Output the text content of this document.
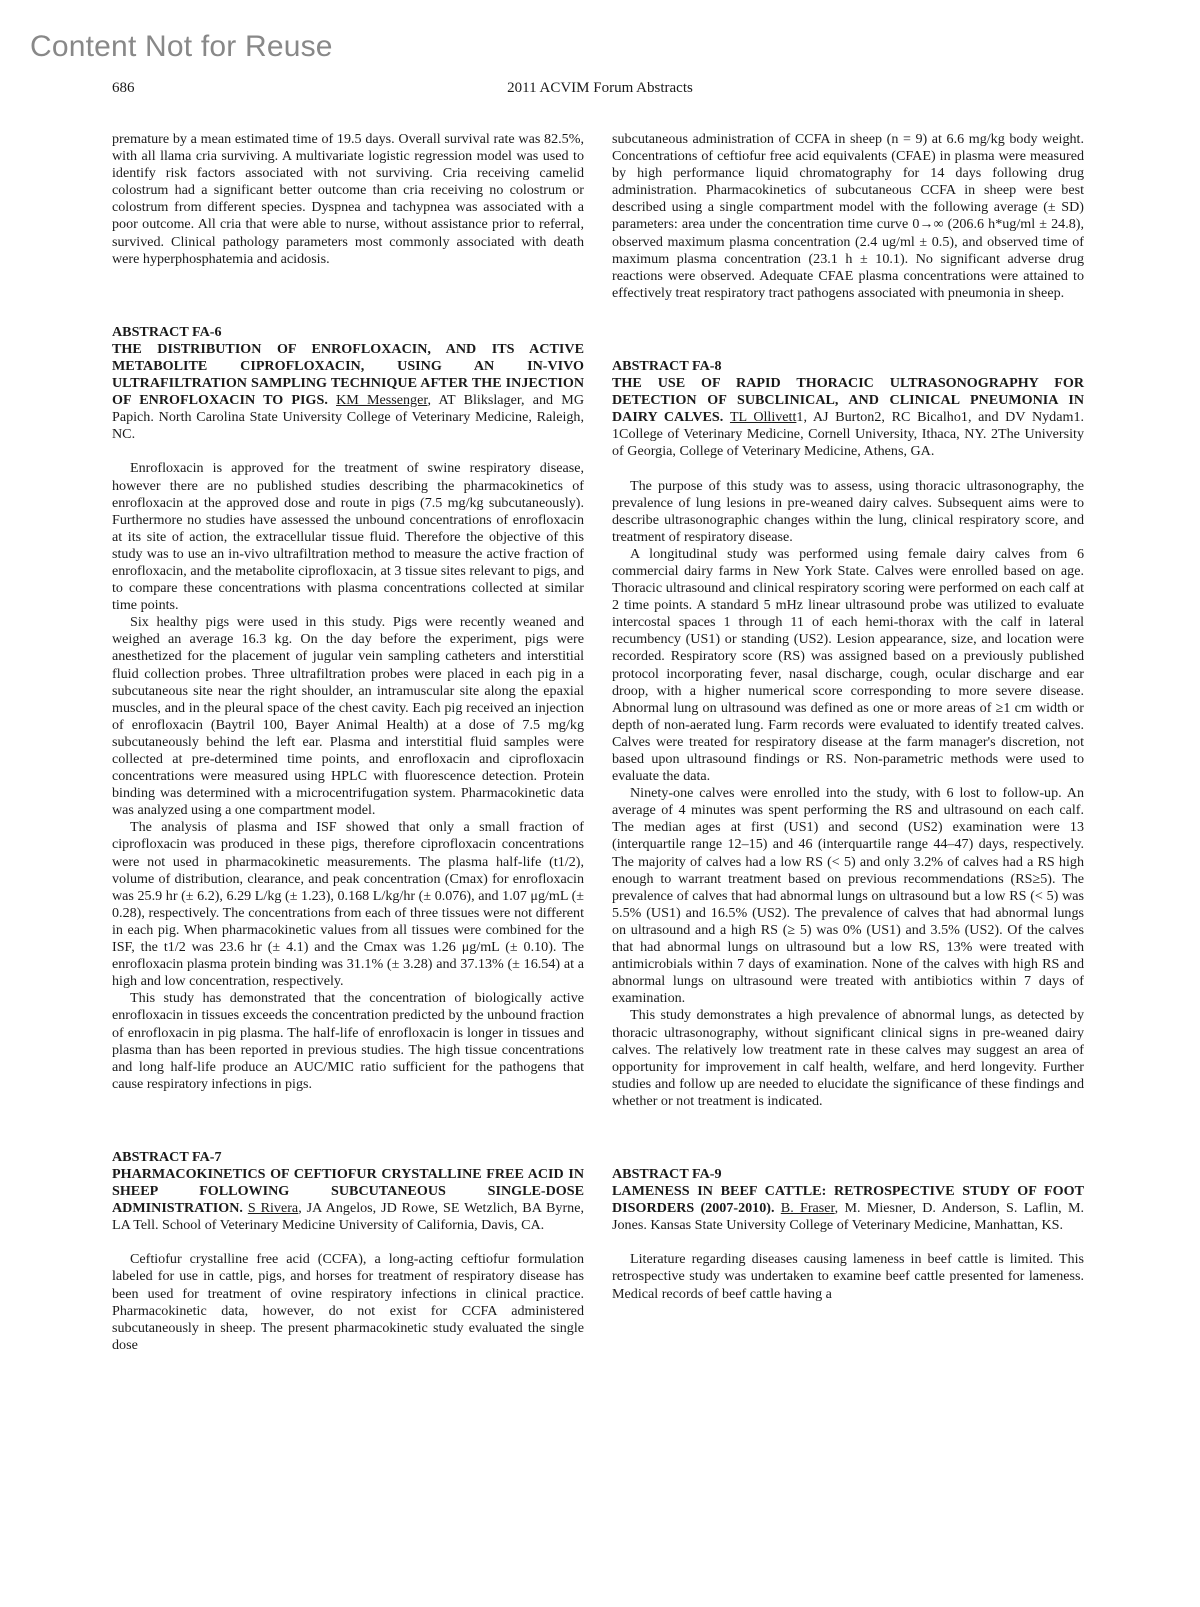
Content Not for Reuse
686	2011 ACVIM Forum Abstracts

premature by a mean estimated time of 19.5 days. Overall survival rate was 82.5%, with all llama cria surviving. A multivariate logistic regression model was used to identify risk factors associated with not surviving. Cria receiving camelid colostrum had a significant better outcome than cria receiving no colostrum or colostrum from different species. Dyspnea and tachypnea was associated with a poor outcome. All cria that were able to nurse, without assistance prior to referral, survived. Clinical pathology parameters most commonly associated with death were hyperphosphatemia and acidosis.

ABSTRACT FA-6
THE DISTRIBUTION OF ENROFLOXACIN, AND ITS ACTIVE METABOLITE CIPROFLOXACIN, USING AN IN-VIVO ULTRAFILTRATION SAMPLING TECHNIQUE AFTER THE INJECTION OF ENROFLOXACIN TO PIGS. KM Messenger, AT Blikslager, and MG Papich. North Carolina State University College of Veterinary Medicine, Raleigh, NC.

Enrofloxacin is approved for the treatment of swine respiratory disease, however there are no published studies describing the pharmacokinetics of enrofloxacin at the approved dose and route in pigs (7.5 mg/kg subcutaneously). Furthermore no studies have assessed the unbound concentrations of enrofloxacin at its site of action, the extracellular tissue fluid. Therefore the objective of this study was to use an in-vivo ultrafiltration method to measure the active fraction of enrofloxacin, and the metabolite ciprofloxacin, at 3 tissue sites relevant to pigs, and to compare these concentrations with plasma concentrations collected at similar time points.

Six healthy pigs were used in this study. Pigs were recently weaned and weighed an average 16.3 kg. On the day before the experiment, pigs were anesthetized for the placement of jugular vein sampling catheters and interstitial fluid collection probes. Three ultrafiltration probes were placed in each pig in a subcutaneous site near the right shoulder, an intramuscular site along the epaxial muscles, and in the pleural space of the chest cavity. Each pig received an injection of enrofloxacin (Baytril 100, Bayer Animal Health) at a dose of 7.5 mg/kg subcutaneously behind the left ear. Plasma and interstitial fluid samples were collected at pre-determined time points, and enrofloxacin and ciprofloxacin concentrations were measured using HPLC with fluorescence detection. Protein binding was determined with a microcentrifugation system. Pharmacokinetic data was analyzed using a one compartment model.

The analysis of plasma and ISF showed that only a small fraction of ciprofloxacin was produced in these pigs, therefore ciprofloxacin concentrations were not used in pharmacokinetic measurements. The plasma half-life (t1/2), volume of distribution, clearance, and peak concentration (Cmax) for enrofloxacin was 25.9 hr (± 6.2), 6.29 L/kg (± 1.23), 0.168 L/kg/hr (± 0.076), and 1.07 μg/mL (± 0.28), respectively. The concentrations from each of three tissues were not different in each pig. When pharmacokinetic values from all tissues were combined for the ISF, the t1/2 was 23.6 hr (± 4.1) and the Cmax was 1.26 μg/mL (± 0.10). The enrofloxacin plasma protein binding was 31.1% (± 3.28) and 37.13% (± 16.54) at a high and low concentration, respectively.

This study has demonstrated that the concentration of biologically active enrofloxacin in tissues exceeds the concentration predicted by the unbound fraction of enrofloxacin in pig plasma. The half-life of enrofloxacin is longer in tissues and plasma than has been reported in previous studies. The high tissue concentrations and long half-life produce an AUC/MIC ratio sufficient for the pathogens that cause respiratory infections in pigs.

ABSTRACT FA-7
PHARMACOKINETICS OF CEFTIOFUR CRYSTALLINE FREE ACID IN SHEEP FOLLOWING SUBCUTANEOUS SINGLE-DOSE ADMINISTRATION. S Rivera, JA Angelos, JD Rowe, SE Wetzlich, BA Byrne, LA Tell. School of Veterinary Medicine University of California, Davis, CA.

Ceftiofur crystalline free acid (CCFA), a long-acting ceftiofur formulation labeled for use in cattle, pigs, and horses for treatment of respiratory disease has been used for treatment of ovine respiratory infections in clinical practice. Pharmacokinetic data, however, do not exist for CCFA administered subcutaneously in sheep. The present pharmacokinetic study evaluated the single dose

subcutaneous administration of CCFA in sheep (n = 9) at 6.6 mg/kg body weight. Concentrations of ceftiofur free acid equivalents (CFAE) in plasma were measured by high performance liquid chromatography for 14 days following drug administration. Pharmacokinetics of subcutaneous CCFA in sheep were best described using a single compartment model with the following average (± SD) parameters: area under the concentration time curve 0→∞ (206.6 h*ug/ml ± 24.8), observed maximum plasma concentration (2.4 ug/ml ± 0.5), and observed time of maximum plasma concentration (23.1 h ± 10.1). No significant adverse drug reactions were observed. Adequate CFAE plasma concentrations were attained to effectively treat respiratory tract pathogens associated with pneumonia in sheep.

ABSTRACT FA-8
THE USE OF RAPID THORACIC ULTRASONOGRAPHY FOR DETECTION OF SUBCLINICAL, AND CLINICAL PNEUMONIA IN DAIRY CALVES. TL Ollivett1, AJ Burton2, RC Bicalho1, and DV Nydam1. 1College of Veterinary Medicine, Cornell University, Ithaca, NY. 2The University of Georgia, College of Veterinary Medicine, Athens, GA.

The purpose of this study was to assess, using thoracic ultrasonography, the prevalence of lung lesions in pre-weaned dairy calves. Subsequent aims were to describe ultrasonographic changes within the lung, clinical respiratory score, and treatment of respiratory disease.

A longitudinal study was performed using female dairy calves from 6 commercial dairy farms in New York State. Calves were enrolled based on age. Thoracic ultrasound and clinical respiratory scoring were performed on each calf at 2 time points. A standard 5 mHz linear ultrasound probe was utilized to evaluate intercostal spaces 1 through 11 of each hemi-thorax with the calf in lateral recumbency (US1) or standing (US2). Lesion appearance, size, and location were recorded. Respiratory score (RS) was assigned based on a previously published protocol incorporating fever, nasal discharge, cough, ocular discharge and ear droop, with a higher numerical score corresponding to more severe disease. Abnormal lung on ultrasound was defined as one or more areas of ≥1 cm width or depth of non-aerated lung. Farm records were evaluated to identify treated calves. Calves were treated for respiratory disease at the farm manager's discretion, not based upon ultrasound findings or RS. Non-parametric methods were used to evaluate the data.

Ninety-one calves were enrolled into the study, with 6 lost to follow-up. An average of 4 minutes was spent performing the RS and ultrasound on each calf. The median ages at first (US1) and second (US2) examination were 13 (interquartile range 12–15) and 46 (interquartile range 44–47) days, respectively. The majority of calves had a low RS (< 5) and only 3.2% of calves had a RS high enough to warrant treatment based on previous recommendations (RS≥5). The prevalence of calves that had abnormal lungs on ultrasound but a low RS (< 5) was 5.5% (US1) and 16.5% (US2). The prevalence of calves that had abnormal lungs on ultrasound and a high RS (≥ 5) was 0% (US1) and 3.5% (US2). Of the calves that had abnormal lungs on ultrasound but a low RS, 13% were treated with antimicrobials within 7 days of examination. None of the calves with high RS and abnormal lungs on ultrasound were treated with antibiotics within 7 days of examination.

This study demonstrates a high prevalence of abnormal lungs, as detected by thoracic ultrasonography, without significant clinical signs in pre-weaned dairy calves. The relatively low treatment rate in these calves may suggest an area of opportunity for improvement in calf health, welfare, and herd longevity. Further studies and follow up are needed to elucidate the significance of these findings and whether or not treatment is indicated.

ABSTRACT FA-9
LAMENESS IN BEEF CATTLE: RETROSPECTIVE STUDY OF FOOT DISORDERS (2007-2010). B. Fraser, M. Miesner, D. Anderson, S. Laflin, M. Jones. Kansas State University College of Veterinary Medicine, Manhattan, KS.

Literature regarding diseases causing lameness in beef cattle is limited. This retrospective study was undertaken to examine beef cattle presented for lameness. Medical records of beef cattle having a
